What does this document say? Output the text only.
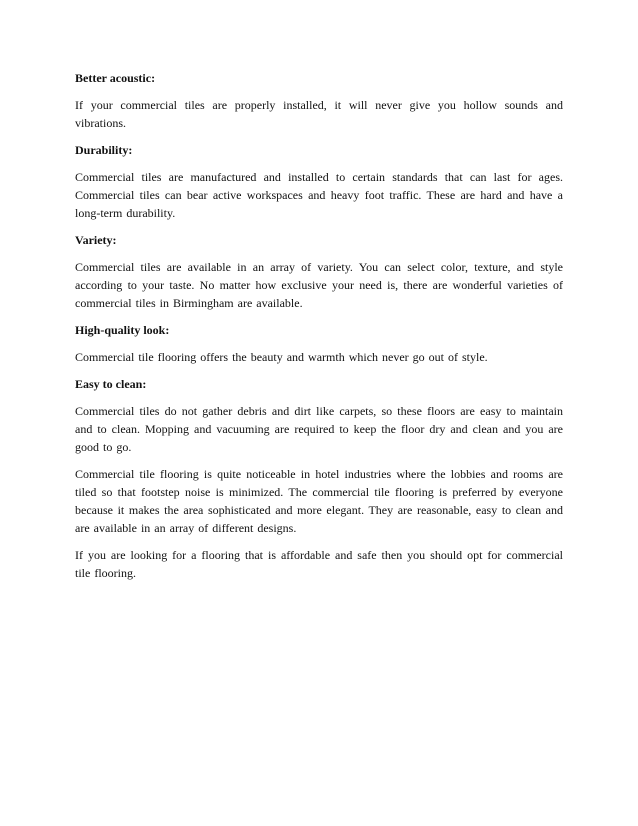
Better acoustic:
If your commercial tiles are properly installed, it will never give you hollow sounds and vibrations.
Durability:
Commercial tiles are manufactured and installed to certain standards that can last for ages. Commercial tiles can bear active workspaces and heavy foot traffic. These are hard and have a long-term durability.
Variety:
Commercial tiles are available in an array of variety. You can select color, texture, and style according to your taste. No matter how exclusive your need is, there are wonderful varieties of commercial tiles in Birmingham are available.
High-quality look:
Commercial tile flooring offers the beauty and warmth which never go out of style.
Easy to clean:
Commercial tiles do not gather debris and dirt like carpets, so these floors are easy to maintain and to clean. Mopping and vacuuming are required to keep the floor dry and clean and you are good to go.
Commercial tile flooring is quite noticeable in hotel industries where the lobbies and rooms are tiled so that footstep noise is minimized. The commercial tile flooring is preferred by everyone because it makes the area sophisticated and more elegant. They are reasonable, easy to clean and are available in an array of different designs.
If you are looking for a flooring that is affordable and safe then you should opt for commercial tile flooring.
